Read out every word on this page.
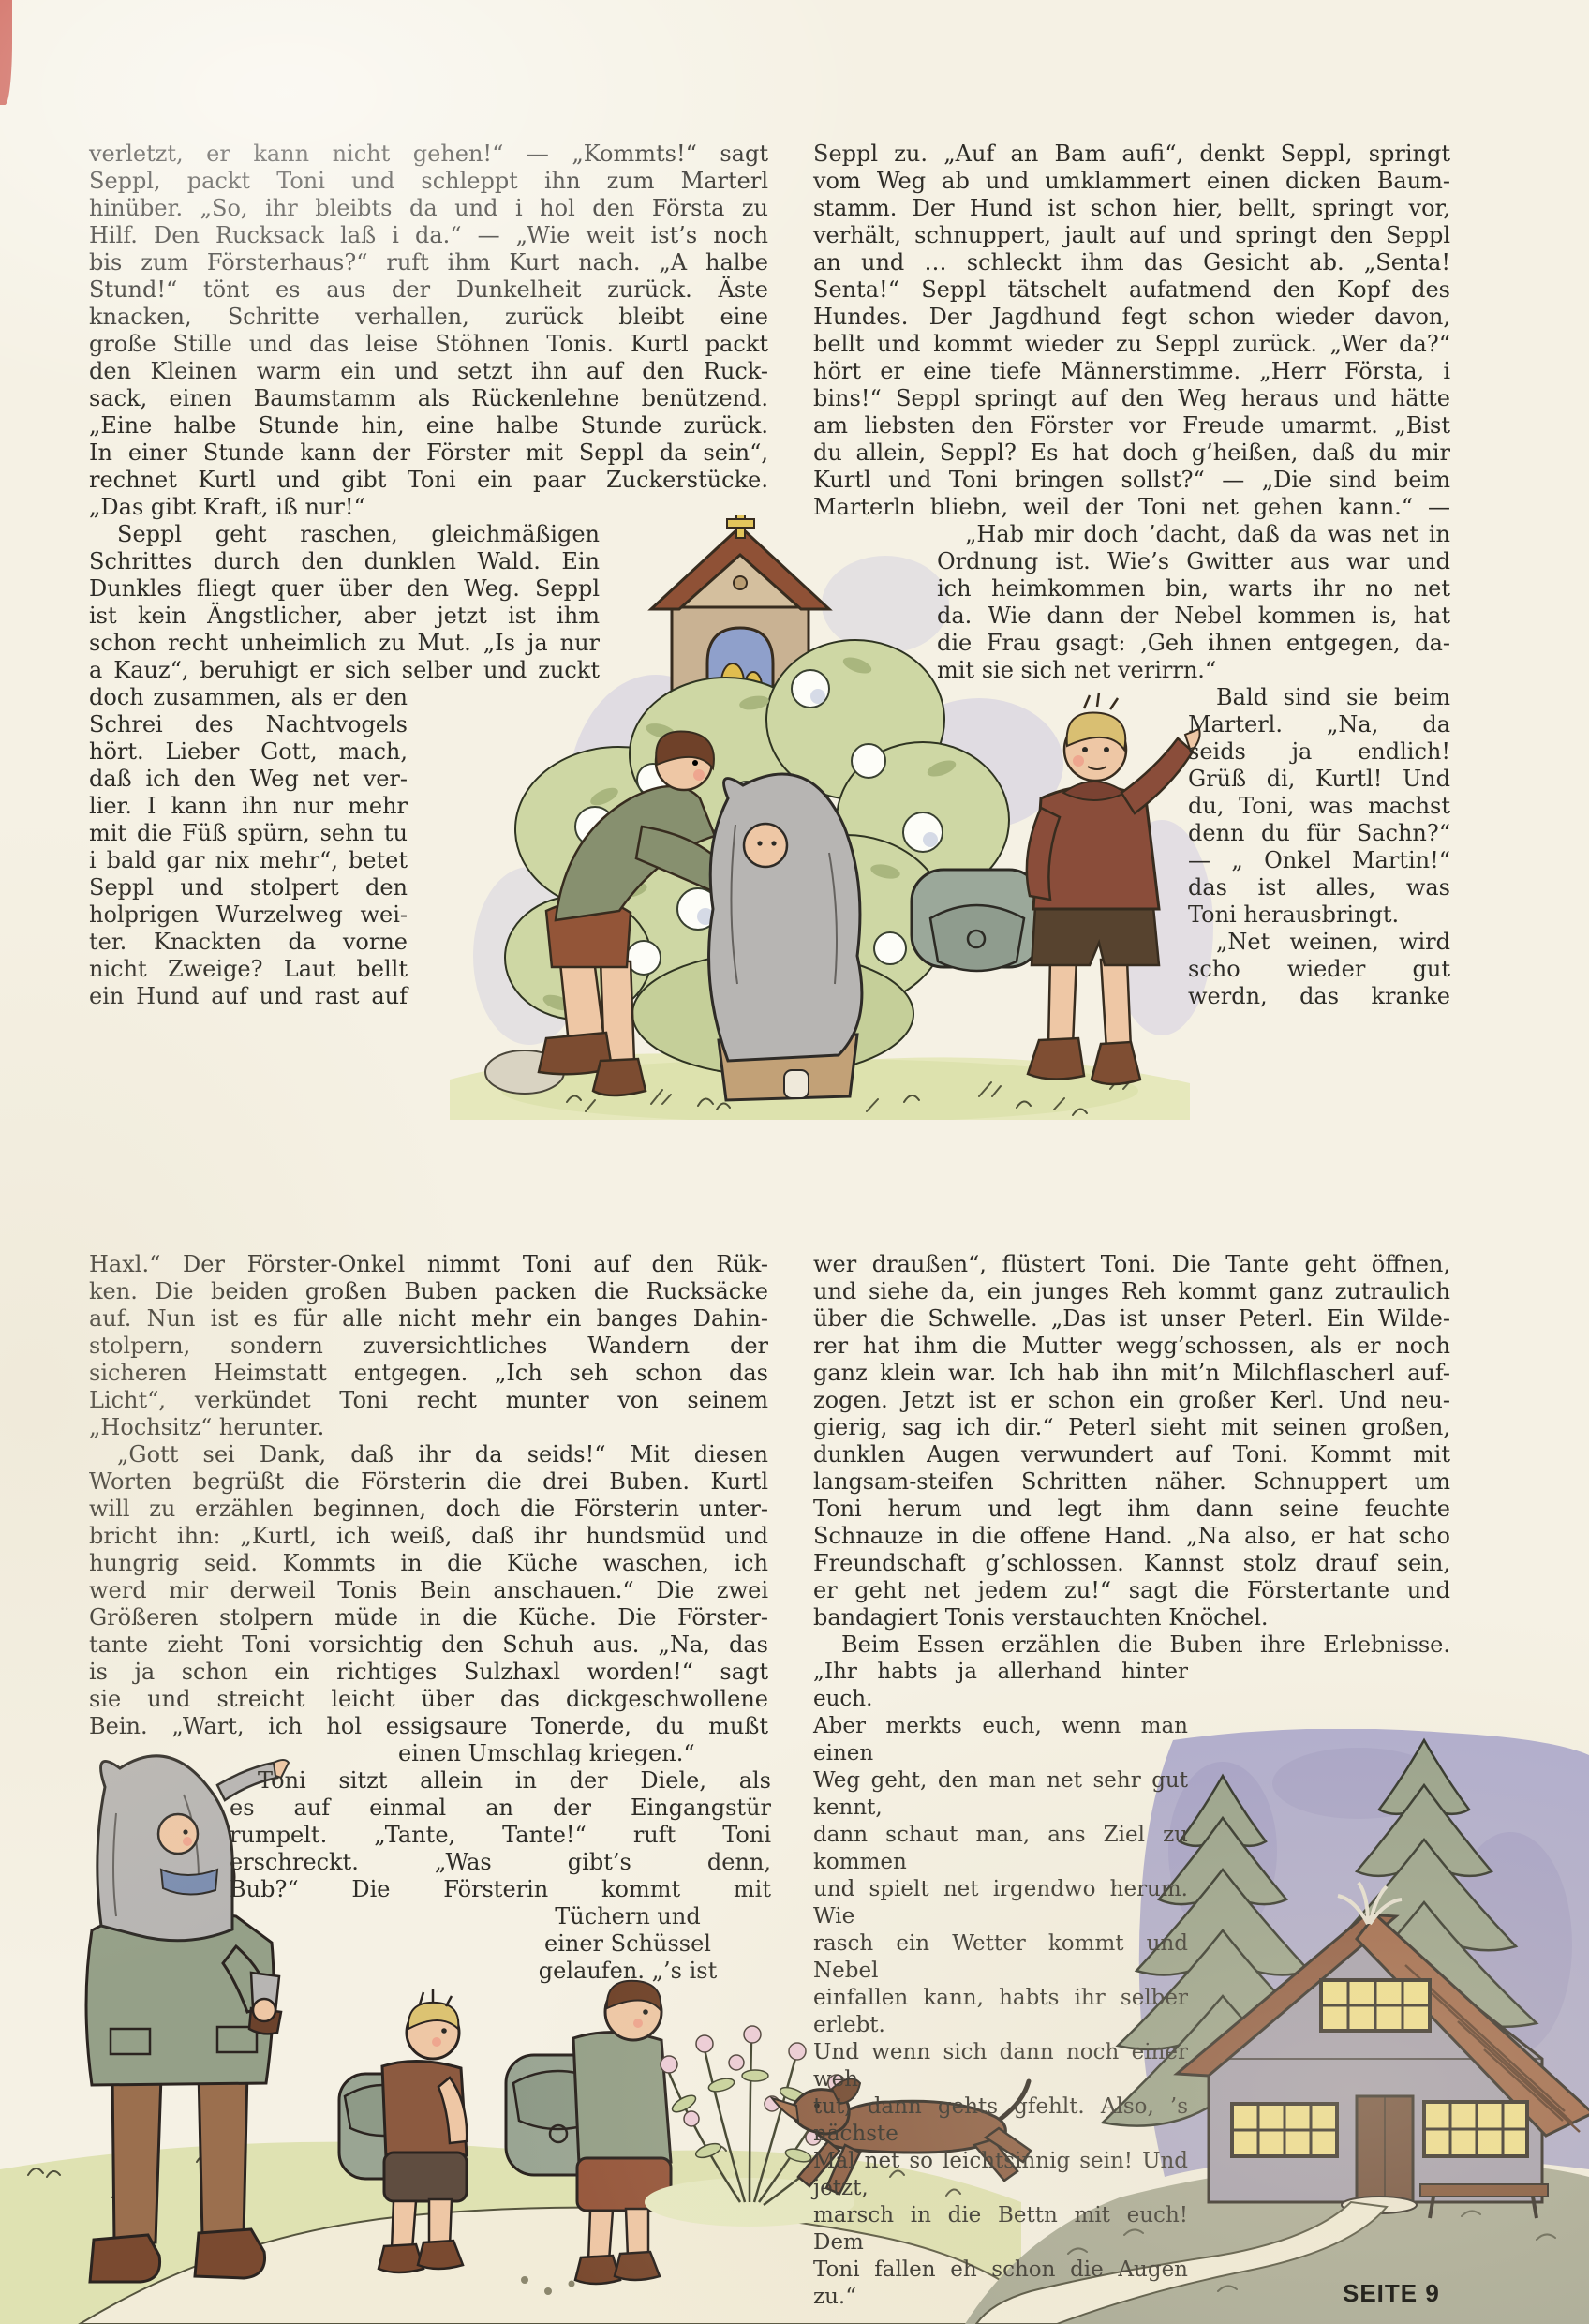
verletzt, er kann nicht gehen!“ — „Kommts!“ sagt
Seppl, packt Toni und schleppt ihn zum Marterl
hinüber. „So, ihr bleibts da und i hol den Första zu
Hilf. Den Rucksack laß i da.“ — „Wie weit ist’s noch
bis zum Försterhaus?“ ruft ihm Kurt nach. „A halbe
Stund!“ tönt es aus der Dunkelheit zurück. Äste
knacken, Schritte verhallen, zurück bleibt eine
große Stille und das leise Stöhnen Tonis. Kurtl packt
den Kleinen warm ein und setzt ihn auf den Ruck-
sack, einen Baumstamm als Rückenlehne benützend.
„Eine halbe Stunde hin, eine halbe Stunde zurück.
In einer Stunde kann der Förster mit Seppl da sein“,
rechnet Kurtl und gibt Toni ein paar Zuckerstücke.
„Das gibt Kraft, iß nur!“
Seppl geht raschen, gleichmäßigen
Schrittes durch den dunklen Wald. Ein
Dunkles fliegt quer über den Weg. Seppl
ist kein Ängstlicher, aber jetzt ist ihm
schon recht unheimlich zu Mut. „Is ja nur
a Kauz“, beruhigt er sich selber und zuckt
doch zusammen, als er den
Schrei des Nachtvogels
hört. Lieber Gott, mach,
daß ich den Weg net ver-
lier. I kann ihn nur mehr
mit die Füß spürn, sehn tu
i bald gar nix mehr“, betet
Seppl und stolpert den
holprigen Wurzelweg wei-
ter. Knackten da vorne
nicht Zweige? Laut bellt
ein Hund auf und rast auf
Seppl zu. „Auf an Bam aufi“, denkt Seppl, springt
vom Weg ab und umklammert einen dicken Baum-
stamm. Der Hund ist schon hier, bellt, springt vor,
verhält, schnuppert, jault auf und springt den Seppl
an und … schleckt ihm das Gesicht ab. „Senta!
Senta!“ Seppl tätschelt aufatmend den Kopf des
Hundes. Der Jagdhund fegt schon wieder davon,
bellt und kommt wieder zu Seppl zurück. „Wer da?“
hört er eine tiefe Männerstimme. „Herr Första, i
bins!“ Seppl springt auf den Weg heraus und hätte
am liebsten den Förster vor Freude umarmt. „Bist
du allein, Seppl? Es hat doch g’heißen, daß du mir
Kurtl und Toni bringen sollst?“ — „Die sind beim
Marterln bliebn, weil der Toni net gehen kann.“ —
„Hab mir doch ’dacht, daß da was net in
Ordnung ist. Wie’s Gwitter aus war und
ich heimkommen bin, warts ihr no net
da. Wie dann der Nebel kommen is, hat
die Frau gsagt: ‚Geh ihnen entgegen, da-
mit sie sich net verirrn.“
Bald sind sie beim
Marterl. „Na, da
seids ja endlich!
Grüß di, Kurtl! Und
du, Toni, was machst
denn du für Sachn?“
— „ Onkel Martin!“
das ist alles, was
Toni herausbringt.
„Net weinen, wird
scho wieder gut
werdn, das kranke
Haxl.“ Der Förster-Onkel nimmt Toni auf den Rük-
ken. Die beiden großen Buben packen die Rucksäcke
auf. Nun ist es für alle nicht mehr ein banges Dahin-
stolpern, sondern zuversichtliches Wandern der
sicheren Heimstatt entgegen. „Ich seh schon das
Licht“, verkündet Toni recht munter von seinem
„Hochsitz“ herunter.
„Gott sei Dank, daß ihr da seids!“ Mit diesen
Worten begrüßt die Försterin die drei Buben. Kurtl
will zu erzählen beginnen, doch die Försterin unter-
bricht ihn: „Kurtl, ich weiß, daß ihr hundsmüd und
hungrig seid. Kommts in die Küche waschen, ich
werd mir derweil Tonis Bein anschauen.“ Die zwei
Größeren stolpern müde in die Küche. Die Förster-
tante zieht Toni vorsichtig den Schuh aus. „Na, das
is ja schon ein richtiges Sulzhaxl worden!“ sagt
sie und streicht leicht über das dickgeschwollene
Bein. „Wart, ich hol essigsaure Tonerde, du mußt
einen Umschlag kriegen.“
Toni sitzt allein in der Diele, als
es auf einmal an der Eingangstür
rumpelt. „Tante, Tante!“ ruft Toni
erschreckt. „Was gibt’s denn,
Bub?“ Die Försterin kommt mit
Tüchern und
einer Schüssel
gelaufen. „’s ist
wer draußen“, flüstert Toni. Die Tante geht öffnen,
und siehe da, ein junges Reh kommt ganz zutraulich
über die Schwelle. „Das ist unser Peterl. Ein Wilde-
rer hat ihm die Mutter wegg’schossen, als er noch
ganz klein war. Ich hab ihn mit’n Milchflascherl auf-
zogen. Jetzt ist er schon ein großer Kerl. Und neu-
gierig, sag ich dir.“ Peterl sieht mit seinen großen,
dunklen Augen verwundert auf Toni. Kommt mit
langsam-steifen Schritten näher. Schnuppert um
Toni herum und legt ihm dann seine feuchte
Schnauze in die offene Hand. „Na also, er hat scho
Freundschaft g’schlossen. Kannst stolz drauf sein,
er geht net jedem zu!“ sagt die Förstertante und
bandagiert Tonis verstauchten Knöchel.
Beim Essen erzählen die Buben ihre Erlebnisse.
„Ihr habts ja allerhand hinter euch.
Aber merkts euch, wenn man einen
Weg geht, den man net sehr gut kennt,
dann schaut man, ans Ziel zu kommen
und spielt net irgendwo herum. Wie
rasch ein Wetter kommt und Nebel
einfallen kann, habts ihr selber erlebt.
Und wenn sich dann noch einer weh
tut, dann gehts gfehlt. Also, ’s nächste
Mal net so leichtsinnig sein! Und jetzt,
marsch in die Bettn mit euch! Dem
Toni fallen eh schon die Augen zu.“	SEITE 9
